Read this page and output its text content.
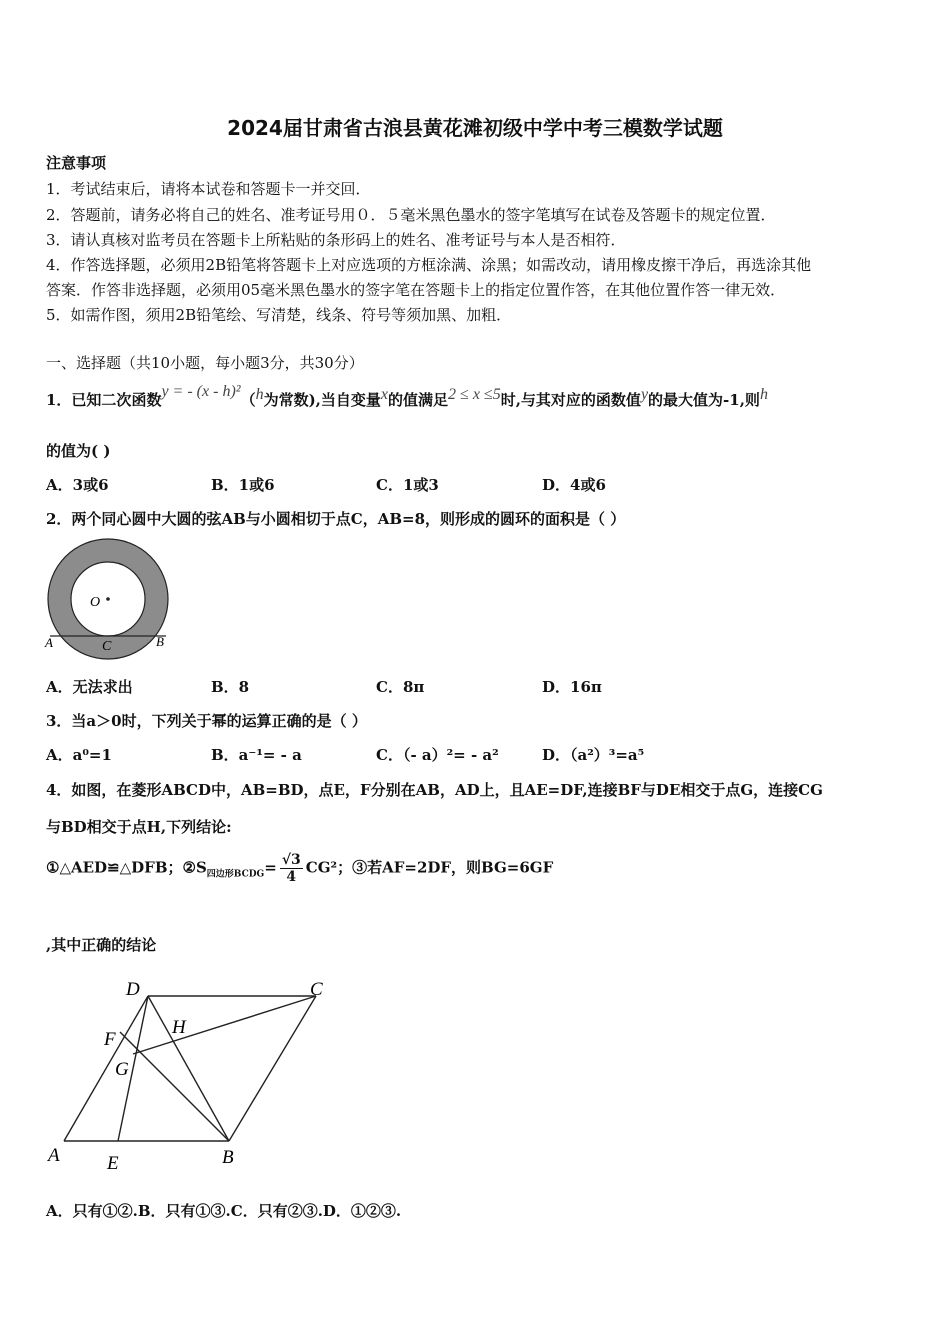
2024届甘肃省古浪县黄花滩初级中学中考三模数学试题
注意事项
1．考试结束后，请将本试卷和答题卡一并交回．
2．答题前，请务必将自己的姓名、准考证号用０．５毫米黑色墨水的签字笔填写在试卷及答题卡的规定位置．
3．请认真核对监考员在答题卡上所粘贴的条形码上的姓名、准考证号与本人是否相符．
4．作答选择题，必须用2B铅笔将答题卡上对应选项的方框涂满、涂黑；如需改动，请用橡皮擦干净后，再选涂其他
答案．作答非选择题，必须用05毫米黑色墨水的签字笔在答题卡上的指定位置作答，在其他位置作答一律无效．
5．如需作图，须用2B铅笔绘、写清楚，线条、符号等须加黑、加粗．
一、选择题（共10小题，每小题3分，共30分）
1．已知二次函数y = - (x - h)²（h为常数),当自变量x的值满足2 ≤ x ≤5时,与其对应的函数值y的最大值为-1,则h
的值为( )
A．3或6	B．1或6	C．1或3	D．4或6
2．两个同心圆中大圆的弦AB与小圆相切于点C，AB=8，则形成的圆环的面积是（ ）
O
A	B
C
A．无法求出	B．8	C．8π	D．16π
3．当a＞0时，下列关于幂的运算正确的是（ ）
A．a⁰=1	B．a⁻¹= - a	C．（- a）²= - a²	D．（a²）³=a⁵
4．如图，在菱形ABCD中，AB=BD，点E，F分别在AB，AD上，且AE=DF,连接BF与DE相交于点G，连接CG
与BD相交于点H,下列结论:
①△AED≌△DFB；$②S_{四边形BCDG}= \frac{√3}{4} CG^2$；③若AF=2DF，则BG=6GF
,其中正确的结论
D	C
F
H
G
A E	B
A．只有①②.B．只有①③.C．只有②③.D．①②③.
